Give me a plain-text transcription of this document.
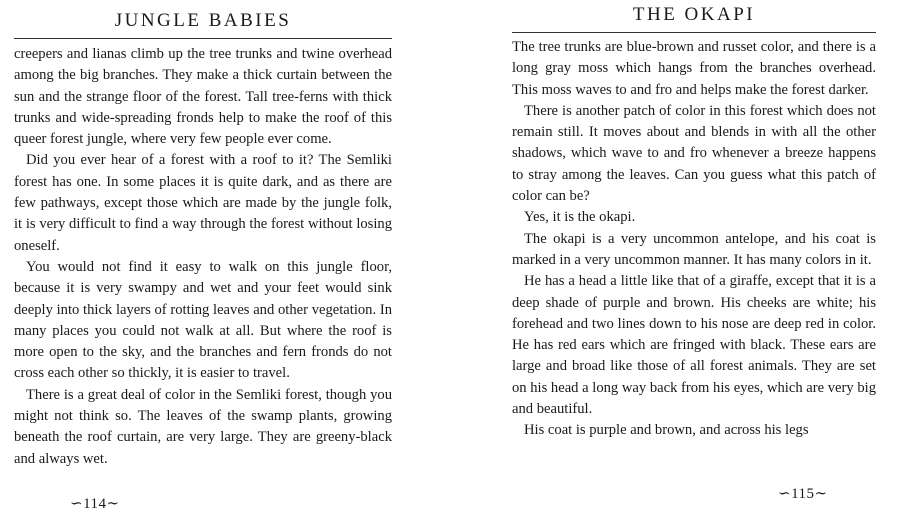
JUNGLE BABIES

creepers and lianas climb up the tree trunks and twine overhead among the big branches. They make a thick curtain between the sun and the strange floor of the forest. Tall tree-ferns with thick trunks and wide-spreading fronds help to make the roof of this queer forest jungle, where very few people ever come.

Did you ever hear of a forest with a roof to it? The Semliki forest has one. In some places it is quite dark, and as there are few pathways, except those which are made by the jungle folk, it is very difficult to find a way through the forest without losing oneself.

You would not find it easy to walk on this jungle floor, because it is very swampy and wet and your feet would sink deeply into thick layers of rotting leaves and other vegetation. In many places you could not walk at all. But where the roof is more open to the sky, and the branches and fern fronds do not cross each other so thickly, it is easier to travel.

There is a great deal of color in the Semliki forest, though you might not think so. The leaves of the swamp plants, growing beneath the roof curtain, are very large. They are greeny-black and always wet.

∽114∼
THE OKAPI

The tree trunks are blue-brown and russet color, and there is a long gray moss which hangs from the branches overhead. This moss waves to and fro and helps make the forest darker.

There is another patch of color in this forest which does not remain still. It moves about and blends in with all the other shadows, which wave to and fro whenever a breeze happens to stray among the leaves. Can you guess what this patch of color can be?

Yes, it is the okapi.

The okapi is a very uncommon antelope, and his coat is marked in a very uncommon manner. It has many colors in it.

He has a head a little like that of a giraffe, except that it is a deep shade of purple and brown. His cheeks are white; his forehead and two lines down to his nose are deep red in color. He has red ears which are fringed with black. These ears are large and broad like those of all forest animals. They are set on his head a long way back from his eyes, which are very big and beautiful.

His coat is purple and brown, and across his legs

∽115∼
